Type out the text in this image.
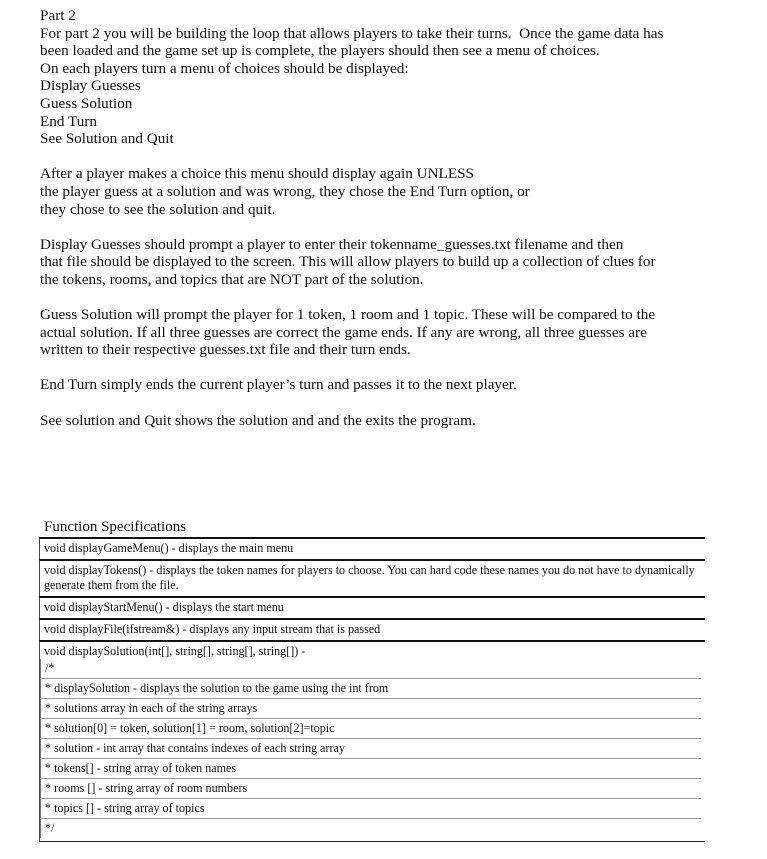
Part 2
For part 2 you will be building the loop that allows players to take their turns.  Once the game data has
been loaded and the game set up is complete, the players should then see a menu of choices.
On each players turn a menu of choices should be displayed:
Display Guesses
Guess Solution
End Turn
See Solution and Quit
After a player makes a choice this menu should display again UNLESS
the player guess at a solution and was wrong, they chose the End Turn option, or
they chose to see the solution and quit.
Display Guesses should prompt a player to enter their tokenname_guesses.txt filename and then
that file should be displayed to the screen. This will allow players to build up a collection of clues for
the tokens, rooms, and topics that are NOT part of the solution.
Guess Solution will prompt the player for 1 token, 1 room and 1 topic. These will be compared to the
actual solution. If all three guesses are correct the game ends. If any are wrong, all three guesses are
written to their respective guesses.txt file and their turn ends.
End Turn simply ends the current player’s turn and passes it to the next player.
See solution and Quit shows the solution and and the exits the program.
Function Specifications
void displayGameMenu() - displays the main menu
void displayTokens() - displays the token names for players to choose. You can hard code these names you do not have to dynamically generate them from the file.
void displayStartMenu() - displays the start menu
void displayFile(ifstream&) - displays any input stream that is passed
void displaySolution(int[], string[], string[], string[]) -
/*
* displaySolution - displays the solution to the game using the int from
* solutions array in each of the string arrays
* solution[0] = token, solution[1] = room, solution[2]=topic
* solution - int array that contains indexes of each string array
* tokens[] - string array of token names
* rooms [] - string array of room numbers
* topics [] - string array of topics
*/
